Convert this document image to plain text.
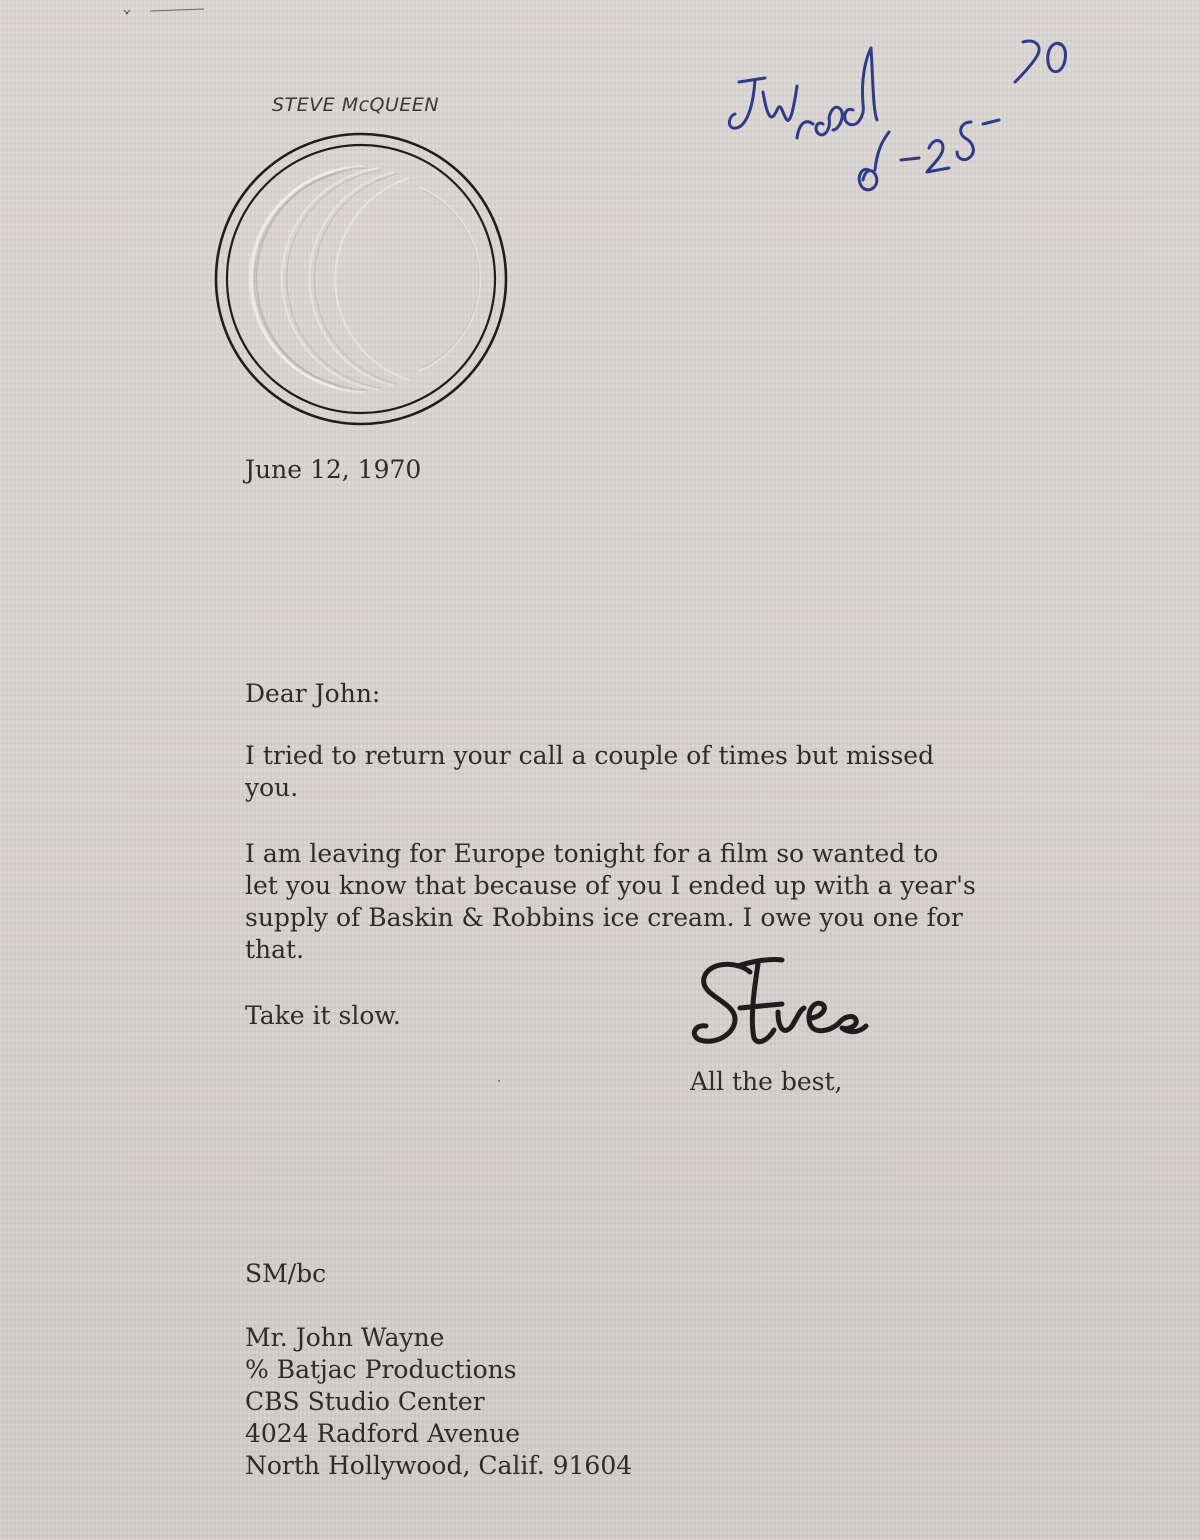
STEVE McQUEEN
June 12, 1970
Dear John:
I tried to return your call a couple of times but missed
you.
I am leaving for Europe tonight for a film so wanted to
let you know that because of you I ended up with a year's
supply of Baskin & Robbins ice cream. I owe you one for
that.
Take it slow.
All the best,
SM/bc
Mr. John Wayne
% Batjac Productions
CBS Studio Center
4024 Radford Avenue
North Hollywood, Calif. 91604
